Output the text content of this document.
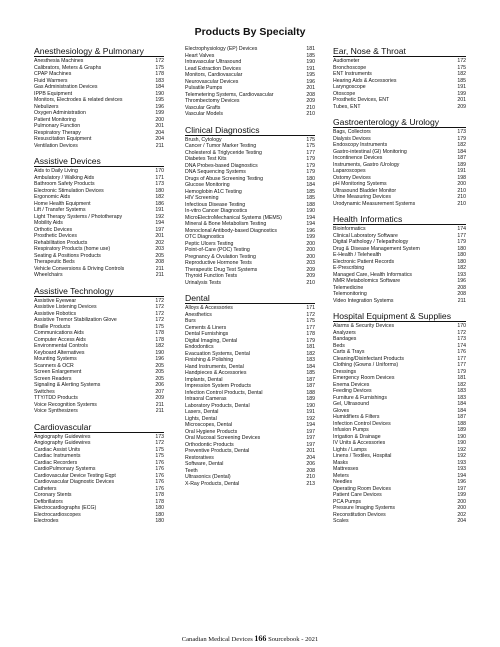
Products By Specialty
Anesthesiology & Pulmonary
Anesthesia Machines	172
Calibrators, Meters & Graphs	175
CPAP Machines	178
Fluid Warmers	183
Gas Administration Devices	184
IPPB Equipment	190
Monitors, Electrodes & related devices	195
Nebulizers	196
Oxygen Administration	199
Patient Monitoring	200
Pulmonary Function	201
Respiratory Therapy	204
Resuscitation Equipment	204
Ventilation Devices	211
Assistive Devices
Aids to Daily Living	170
Ambulatory / Walking Aids	171
Bathroom Safety Products	173
Electronic Stimulation Devices	180
Ergonomic Aids	182
Home Health Equipment	186
Lift / Transfer Systems	191
Light Therapy Systems / Phototherapy	192
Mobility Aids	194
Orthotic Devices	197
Prosthetic Devices	201
Rehabilitation Products	202
Respiratory Products (home use)	203
Seating & Positions Products	205
Therapeutic Beds	208
Vehicle Conversions & Driving Controls	211
Wheelchairs	211
Assistive Technology
Assistive Eyewear	172
Assistive Listening Devices	172
Assistive Robotics	172
Assistive Tremor Stabilization Glove	172
Braille Products	175
Communications Aids	178
Computer Access Aids	178
Environmental Controls	182
Keyboard Alternatives	190
Mounting Systems	196
Scanners & OCR	205
Screen Enlargement	205
Screen Readers	205
Signaling & Alerting Systems	206
Switches	207
TTY/TDD Products	209
Voice Recognition Systems	211
Voice Synthesizers	211
Cardiovascular
Angiography Guidewires	173
Angiography Guidewires	172
Cardiac Assist Units	175
Cardiac Instruments	175
Cardiac Recorders	176
CardioPulmonary Systems	176
Cardiovascular Device Testing Eqpt	176
Cardiovascular Diagnostic Devices	176
Catheters	176
Coronary Stents	178
Defibrillators	178
Electrocardiographs (ECG)	180
Electrocardioscopes	180
Electrodes	180
Electrophysiology (EP) Devices	181
Heart Valves	185
Intravascular Ultrasound	190
Lead Extraction Devices	191
Monitors, Cardiovascular	195
Neurovascular Devices	196
Pulsatile Pumps	201
Telemetering Systems, Cardiovascular	208
Thrombectomy Devices	209
Vascular Grafts	210
Vascular Models	210
Clinical Diagnostics
Brush, Cytology	175
Cancer / Tumor Marker Testing	175
Cholesterol & Triglyceride Testing	177
Diabetes Test Kits	179
DNA Probes-based Diagnostics	179
DNA Sequencing Systems	179
Drugs of Abuse Screening Testing	180
Glucose Monitoring	184
Hemoglobin A1C Testing	185
HIV Screening	185
Infectious Disease Testing	188
In-vitro Cancer Diagnostics	190
MicroElectroMechanical Systems (MEMS)	194
Mineral & Bone Metabolism Testing	194
Monoclonal Antibody-based Diagnostics	196
OTC Diagnostics	199
Peptic Ulcers Testing	200
Point-of-Care (POC) Testing	200
Pregnancy & Ovulation Testing	200
Reproductive Hormone Tests	203
Therapeutic Drug Test Systems	209
Thyroid Function Tests	209
Urinalysis Tests	210
Dental
Alloys & Accessories	171
Anesthetics	172
Burs	175
Cements & Liners	177
Dental Furnishings	178
Digital Imaging, Dental	179
Endodontics	181
Evacuation Systems, Dental	182
Finishing & Polishing	183
Hand Instruments, Dental	184
Handpieces & Accessories	185
Implants, Dental	187
Impression System Products	187
Infection Control Products, Dental	188
Intraoral Cameras	189
Laboratory Products, Dental	190
Lasers, Dental	191
Lights, Dental	192
Microscopes, Dental	194
Oral Hygiene Products	197
Oral Mucosal Screening Devices	197
Orthodontic Products	197
Preventive Products, Dental	201
Restoratives	204
Software, Dental	206
Teeth	208
Ultrasonics (Dental)	210
X-Ray Products, Dental	213
Ear, Nose & Throat
Audiometer	172
Bronchoscope	175
ENT Instruments	182
Hearing Aids & Accessories	185
Laryngoscope	191
Otoscope	199
Prosthetic Devices, ENT	201
Tubes, ENT	209
Gastroenterology & Urology
Bags, Collectors	173
Dialysis Devices	179
Endoscopy Instruments	182
Gastro-intestinal (GI) Monitoring	184
Incontinence Devices	187
Instruments, Gastro /Urology	189
Laparoscopes	191
Ostomy Devices	198
pH Monitoring Systems	200
Ultrasound Bladder Monitor	210
Urine Measuring Devices	210
Urodynamic Measurement Systems	210
Health Informatics
Bioinformatics	174
Clinical Laboratory Software	177
Digital Pathology / Telepathology	179
Drug & Disease Management System	180
E-Health / Telehealth	180
Electronic Patient Records	180
E-Prescribing	182
Managed Care, Health Informatics	193
NMR Metabolomics Software	196
Telemedicine	208
Telemonitoring	208
Video Integration Systems	211
Hospital Equipment & Supplies
Alarms & Security Devices	170
Analyzers	172
Bandages	173
Beds	174
Carts & Trays	176
Cleaning/Disinfectant Products	177
Clothing (Gowns / Uniforms)	177
Dressings	179
Emergency Room Devices	181
Enema Devices	182
Feeding Devices	183
Furniture & Furnishings	183
Gel, Ultrasound	184
Gloves	184
Humidifiers & Filters	187
Infection Control Devices	188
Infusion Pumps	189
Irrigation & Drainage	190
IV Units & Accessories	190
Lights / Lamps	192
Linens / Textiles, Hospital	192
Masks	193
Mattresses	193
Meters	194
Needles	196
Operating Room Devices	197
Patient Care Devices	199
PCA Pumps	200
Pressure Imaging Systems	200
Reconstitution Devices	202
Scales	204
Canadian Medical Devices 166 Sourcebook - 2021
